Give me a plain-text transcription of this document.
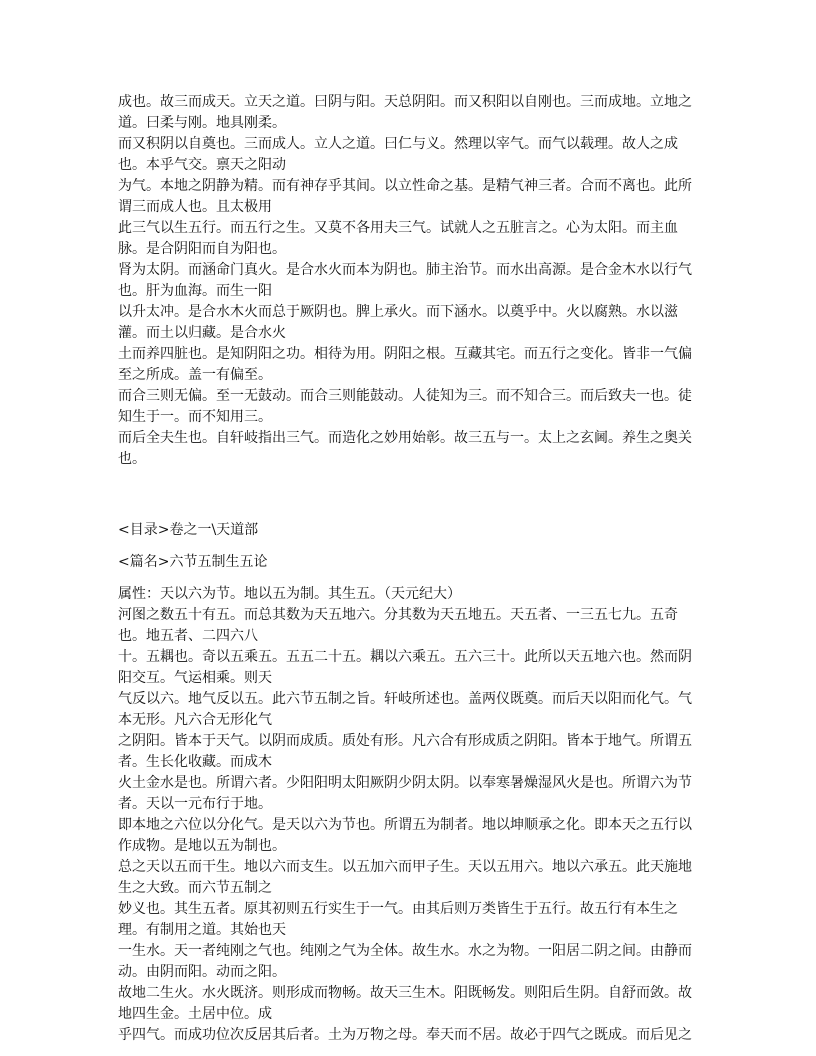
成也。故三而成天。立天之道。曰阴与阳。天总阴阳。而又积阳以自刚也。三而成地。立地之道。曰柔与刚。地具刚柔。

而又积阴以自奠也。三而成人。立人之道。曰仁与义。然理以宰气。而气以载理。故人之成也。本乎气交。禀天之阳动

为气。本地之阴静为精。而有神存乎其间。以立性命之基。是精气神三者。合而不离也。此所谓三而成人也。且太极用

此三气以生五行。而五行之生。又莫不各用夫三气。试就人之五脏言之。心为太阳。而主血脉。是合阴阳而自为阳也。

肾为太阴。而涵命门真火。是合水火而本为阴也。肺主治节。而水出高源。是合金木水以行气也。肝为血海。而生一阳

以升太冲。是合水木火而总于厥阴也。脾上承火。而下涵水。以奠乎中。火以腐熟。水以滋灌。而土以归藏。是合水火

土而养四脏也。是知阴阳之功。相待为用。阴阳之根。互藏其宅。而五行之变化。皆非一气偏至之所成。盖一有偏至。

而合三则无偏。至一无鼓动。而合三则能鼓动。人徒知为三。而不知合三。而后致夫一也。徒知生于一。而不知用三。

而后全夫生也。自轩岐指出三气。而造化之妙用始彰。故三五与一。太上之玄阃。养生之奥关也。

<目录>卷之一\天道部

<篇名>六节五制生五论

属性：天以六为节。地以五为制。其生五。（天元纪大）

河图之数五十有五。而总其数为天五地六。分其数为天五地五。天五者、一三五七九。五奇也。地五者、二四六八

十。五耦也。奇以五乘五。五五二十五。耦以六乘五。五六三十。此所以天五地六也。然而阴阳交互。气运相乘。则天

气反以六。地气反以五。此六节五制之旨。轩岐所述也。盖两仪既奠。而后天以阳而化气。气本无形。凡六合无形化气

之阴阳。皆本于天气。以阴而成质。质处有形。凡六合有形成质之阴阳。皆本于地气。所谓五者。生长化收藏。而成木

火土金水是也。所谓六者。少阳阳明太阳厥阴少阴太阴。以奉寒暑燥湿风火是也。所谓六为节者。天以一元布行于地。

即本地之六位以分化气。是天以六为节也。所谓五为制者。地以坤顺承之化。即本天之五行以作成物。是地以五为制也。

总之天以五而干生。地以六而支生。以五加六而甲子生。天以五用六。地以六承五。此天施地生之大致。而六节五制之

妙义也。其生五者。原其初则五行实生于一气。由其后则万类皆生于五行。故五行有本生之理。有制用之道。其始也天

一生水。天一者纯刚之气也。纯刚之气为全体。故生水。水之为物。一阳居二阴之间。由静而动。由阴而阳。动而之阳。

故地二生火。水火既济。则形成而物畅。故天三生木。阳既畅发。则阳后生阴。自舒而敛。故地四生金。土居中位。成

乎四气。而成功位次反居其后者。土为万物之母。奉天而不居。故必于四气之既成。而后见之
